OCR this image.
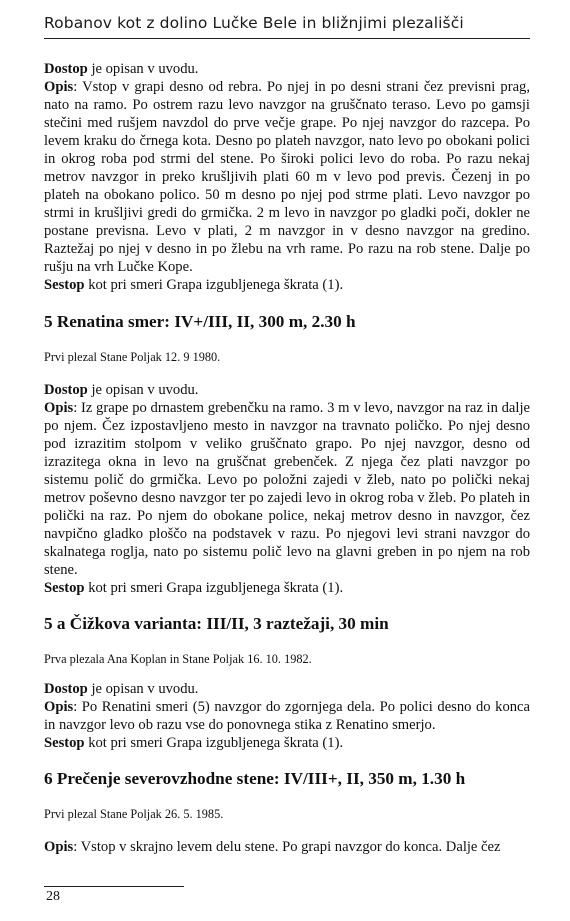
Robanov kot z dolino Lučke Bele in bližnjimi plezališči

Dostop je opisan v uvodu.

Opis: Vstop v grapi desno od rebra. Po njej in po desni strani čez previsni prag, nato na ramo. Po ostrem razu levo navzgor na gruščnato teraso. Levo po gamsji stečini med rušjem navzdol do prve večje grape. Po njej navzgor do razcepa. Po levem kraku do črnega kota. Desno po plateh navzgor, nato levo po obokani polici in okrog roba pod strmi del stene. Po široki polici levo do roba. Po razu nekaj metrov navzgor in preko krušljivih plati 60 m v levo pod previs. Čezenj in po plateh na obokano polico. 50 m desno po njej pod strme plati. Levo navzgor po strmi in krušljivi gredi do grmička. 2 m levo in navzgor po gladki poči, dokler ne postane previsna. Levo v plati, 2 m navzgor in v desno navzgor na gredino. Raztežaj po njej v desno in po žlebu na vrh rame. Po razu na rob stene. Dalje po rušju na vrh Lučke Kope.

Sestop kot pri smeri Grapa izgubljenega škrata (1).

5 Renatina smer: IV+/III, II, 300 m, 2.30 h

Prvi plezal Stane Poljak 12. 9 1980.

Dostop je opisan v uvodu.

Opis: Iz grape po drnastem grebenčku na ramo. 3 m v levo, navzgor na raz in dalje po njem. Čez izpostavljeno mesto in navzgor na travnato poličko. Po njej desno pod izrazitim stolpom v veliko gruščnato grapo. Po njej navzgor, desno od izrazitega okna in levo na gruščnat grebenček. Z njega čez plati navzgor po sistemu polič do grmička. Levo po položni zajedi v žleb, nato po polički nekaj metrov poševno desno navzgor ter po zajedi levo in okrog roba v žleb. Po plateh in polički na raz. Po njem do obokane police, nekaj metrov desno in navzgor, čez navpično gladko ploščo na podstavek v razu. Po njegovi levi strani navzgor do skalnatega roglja, nato po sistemu polič levo na glavni greben in po njem na rob stene.

Sestop kot pri smeri Grapa izgubljenega škrata (1).

5 a Čižkova varianta: III/II, 3 raztežaji, 30 min

Prva plezala Ana Koplan in Stane Poljak 16. 10. 1982.

Dostop je opisan v uvodu.

Opis: Po Renatini smeri (5) navzgor do zgornjega dela. Po polici desno do konca in navzgor levo ob razu vse do ponovnega stika z Renatino smerjo.

Sestop kot pri smeri Grapa izgubljenega škrata (1).

6 Prečenje severovzhodne stene: IV/III+, II, 350 m, 1.30 h

Prvi plezal Stane Poljak 26. 5. 1985.

Opis: Vstop v skrajno levem delu stene. Po grapi navzgor do konca. Dalje čez

28
